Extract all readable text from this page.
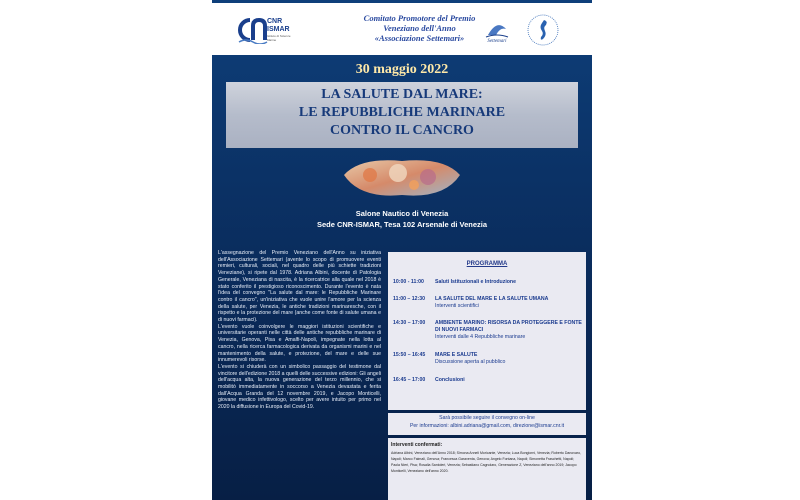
CNR
ISMAR
Istituto di Scienze Marine
Comitato Promotore del Premio
Veneziano dell'Anno
«Associazione Settemari»	Settemari
30 maggio 2022
LA SALUTE DAL MARE:
LE REPUBBLICHE MARINARE
CONTRO IL CANCRO
Salone Nautico di Venezia
Sede CNR-ISMAR, Tesa 102 Arsenale di Venezia

L'assegnazione del Premio Veneziano dell'Anno su iniziativa dell'Associazione Settemari (avente lo scopo di promuovere eventi remieri, culturali, sociali, nel quadro delle più schiette tradizioni Veneziane), si ripete dal 1978. Adriana Albini, docente di Patologia Generale, Veneziana di nascita, è la ricercatrice alla quale nel 2018 è stato conferito il prestigioso riconoscimento. Durante l'evento è nata l'idea del convegno "La salute dal mare: le Repubbliche Marinare contro il cancro", un'iniziativa che vuole unire l'amore per la scienza della salute, per Venezia, le antiche tradizioni marinaresche, con il rispetto e la protezione del mare (anche come fonte di salute umana e di nuovi farmaci).

L'evento vuole coinvolgere le maggiori istituzioni scientifiche e universitarie operanti nelle città delle antiche repubbliche marinare di Venezia, Genova, Pisa e Amalfi-Napoli, impegnate nella lotta al cancro, nella ricerca farmacologica derivata da organismi marini e nel mantenimento della salute, e protezione, del mare e delle sue innumerevoli risorse.

L'evento si chiuderà con un simbolico passaggio del testimone dal vincitore dell'edizione 2018 a quelli delle successive edizioni: Gli angeli dell'acqua alta, la nuova generazione del terzo millennio, che si mobilitò immediatamente in soccorso a Venezia devastata e ferita dall'Acqua Granda del 12 novembre 2019, e Jacopo Monticelli, giovane medico infettivologo, scelto per avere intuito per primo nel 2020 la diffusione in Europa del Covid-19.

PROGRAMMA
10:00 - 11:00	Saluti Istituzionali e Introduzione
11:00 – 12:30	LA SALUTE DEL MARE E LA SALUTE UMANA
Interventi scientifici
14:30 – 17:00	AMBIENTE MARINO: RISORSA DA PROTEGGERE E FONTE DI NUOVI FARMACI
Interventi dalle 4 Repubbliche marinare
15:50 – 16:45	MARE E SALUTE
Discussione aperta al pubblico
16:45 – 17:00	Conclusioni
Sarà possibile seguire il convegno on-line
Per informazioni: albini.adriana@gmail.com, direzione@ismar.cnr.it
Interventi confermati:
Adriana Albini, Veneziano dell'Anno 2018; Simona Anneli Moricante, Venezia; Luca Bongiorni, Venezia; Roberto Danovaro, Napoli; Marco Faimali, Genova; Francesca Garaventa, Genova; Angelo Fontana, Napoli; Simonetta Fraschetti, Napoli; Paola Nieri, Pisa; Rosalia Santoleri, Venezia; Sebastiano Cagnolaro, Generazione Z, Veneziano dell'anno 2019; Jacopo Monticelli, Veneziano dell'anno 2020.
